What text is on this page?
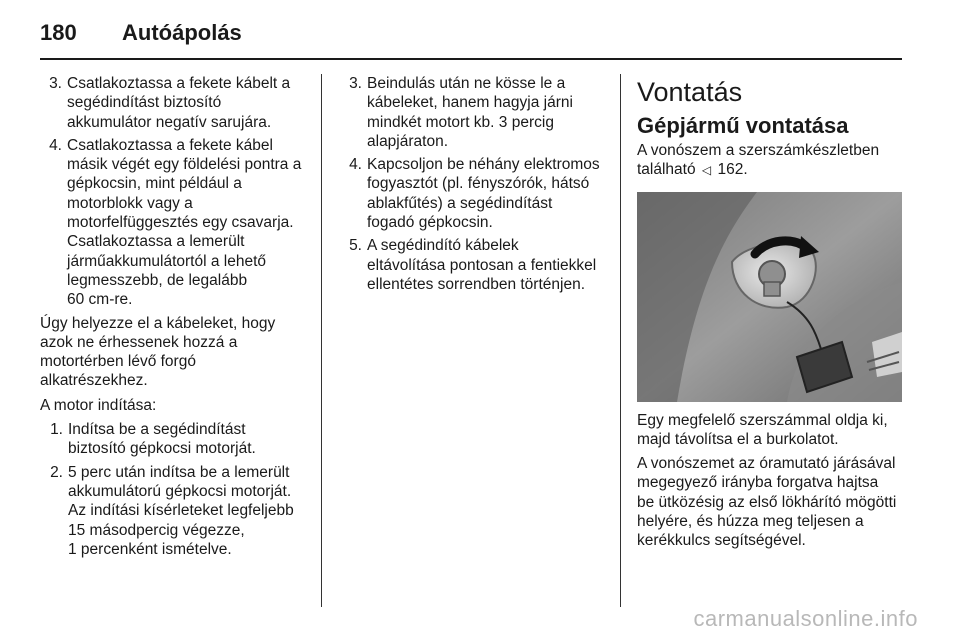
180	Autóápolás
3. Csatlakoztassa a fekete kábelt a
segédindítást biztosító
akkumulátor negatív sarujára.
4. Csatlakoztassa a fekete kábel
másik végét egy földelési pontra a
gépkocsin, mint például a
motorblokk vagy a
motorfelfüggesztés egy csavarja.
Csatlakoztassa a lemerült
járműakkumulátortól a lehető
legmesszebb, de legalább
60 cm-re.

Úgy helyezze el a kábeleket, hogy
azok ne érhessenek hozzá a
motortérben lévő forgó
alkatrészekhez.

A motor indítása:

1. Indítsa be a segédindítást
biztosító gépkocsi motorját.
2. 5 perc után indítsa be a lemerült
akkumulátorú gépkocsi motorját.
Az indítási kísérleteket legfeljebb
15 másodpercig végezze,
1 percenként ismételve.
3. Beindulás után ne kösse le a
kábeleket, hanem hagyja járni
mindkét motort kb. 3 percig
alapjáraton.
4. Kapcsoljon be néhány elektromos
fogyasztót (pl. fényszórók, hátsó
ablakfűtés) a segédindítást
fogadó gépkocsin.
5. A segédindító kábelek
eltávolítása pontosan a fentiekkel
ellentétes sorrendben történjen.
Vontatás
Gépjármű vontatása

A vonószem a szerszámkészletben
található ◁ 162.

Egy megfelelő szerszámmal oldja ki,
majd távolítsa el a burkolatot.

A vonószemet az óramutató járásával
megegyező irányba forgatva hajtsa
be ütközésig az első lökhárító mögötti
helyére, és húzza meg teljesen a
kerékkulcs segítségével.

carmanualsonline.info
